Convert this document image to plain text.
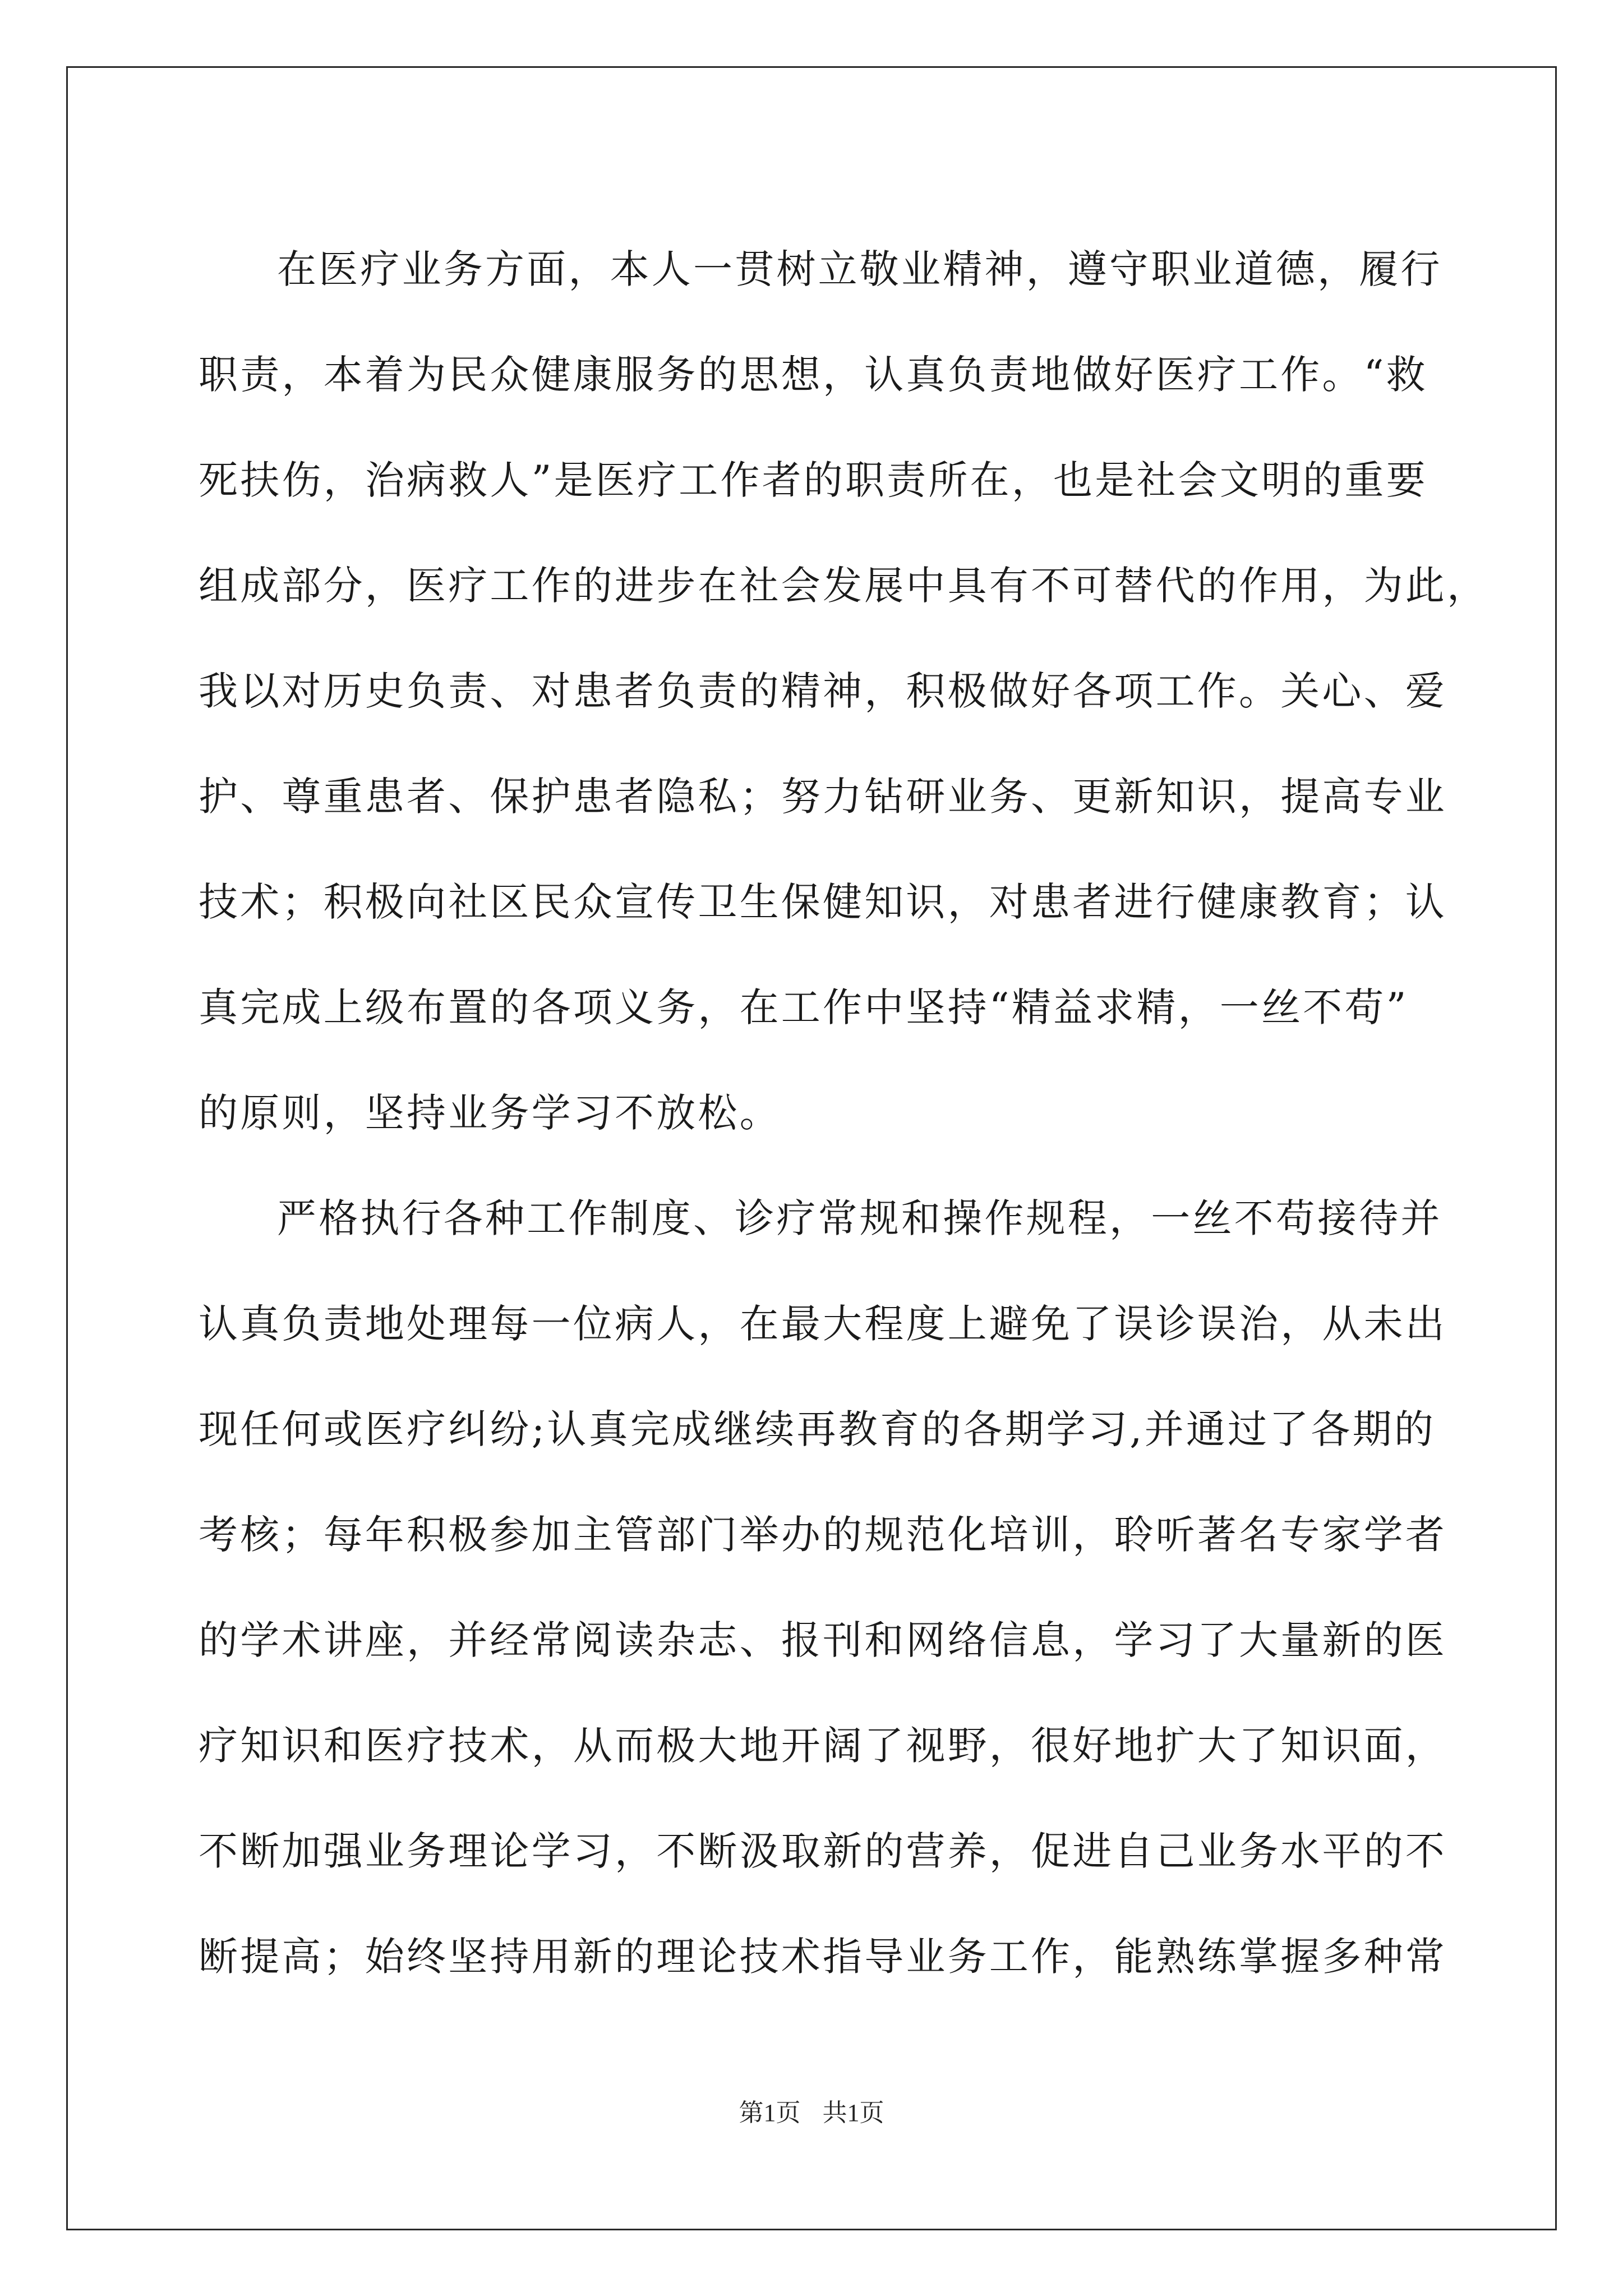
在医疗业务方面，本人一贯树立敬业精神，遵守职业道德，履行

职责，本着为民众健康服务的思想，认真负责地做好医疗工作。“救

死扶伤，治病救人”是医疗工作者的职责所在，也是社会文明的重要

组成部分，医疗工作的进步在社会发展中具有不可替代的作用，为此，

我以对历史负责、对患者负责的精神，积极做好各项工作。关心、爱

护、尊重患者、保护患者隐私；努力钻研业务、更新知识，提高专业

技术；积极向社区民众宣传卫生保健知识，对患者进行健康教育；认

真完成上级布置的各项义务，在工作中坚持“精益求精，一丝不苟”

的原则，坚持业务学习不放松。

严格执行各种工作制度、诊疗常规和操作规程，一丝不苟接待并

认真负责地处理每一位病人，在最大程度上避免了误诊误治，从未出

现任何或医疗纠纷;认真完成继续再教育的各期学习,并通过了各期的

考核；每年积极参加主管部门举办的规范化培训，聆听著名专家学者

的学术讲座，并经常阅读杂志、报刊和网络信息，学习了大量新的医

疗知识和医疗技术，从而极大地开阔了视野，很好地扩大了知识面，

不断加强业务理论学习，不断汲取新的营养，促进自己业务水平的不

断提高；始终坚持用新的理论技术指导业务工作，能熟练掌握多种常

第1页 共1页
